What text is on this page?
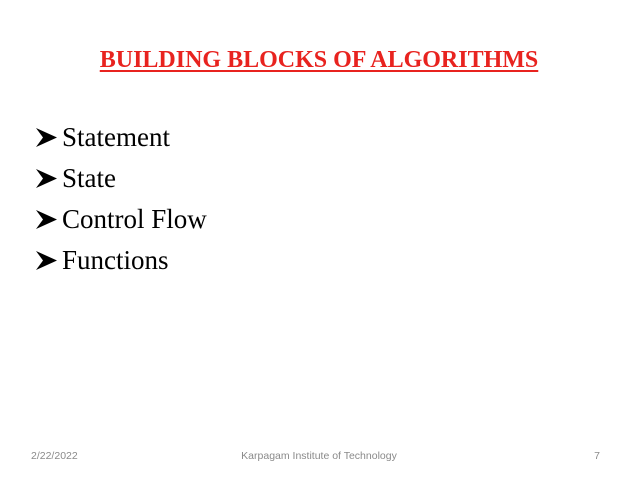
BUILDING BLOCKS OF ALGORITHMS
Statement
State
Control Flow
Functions
2/22/2022	Karpagam Institute of Technology	7
